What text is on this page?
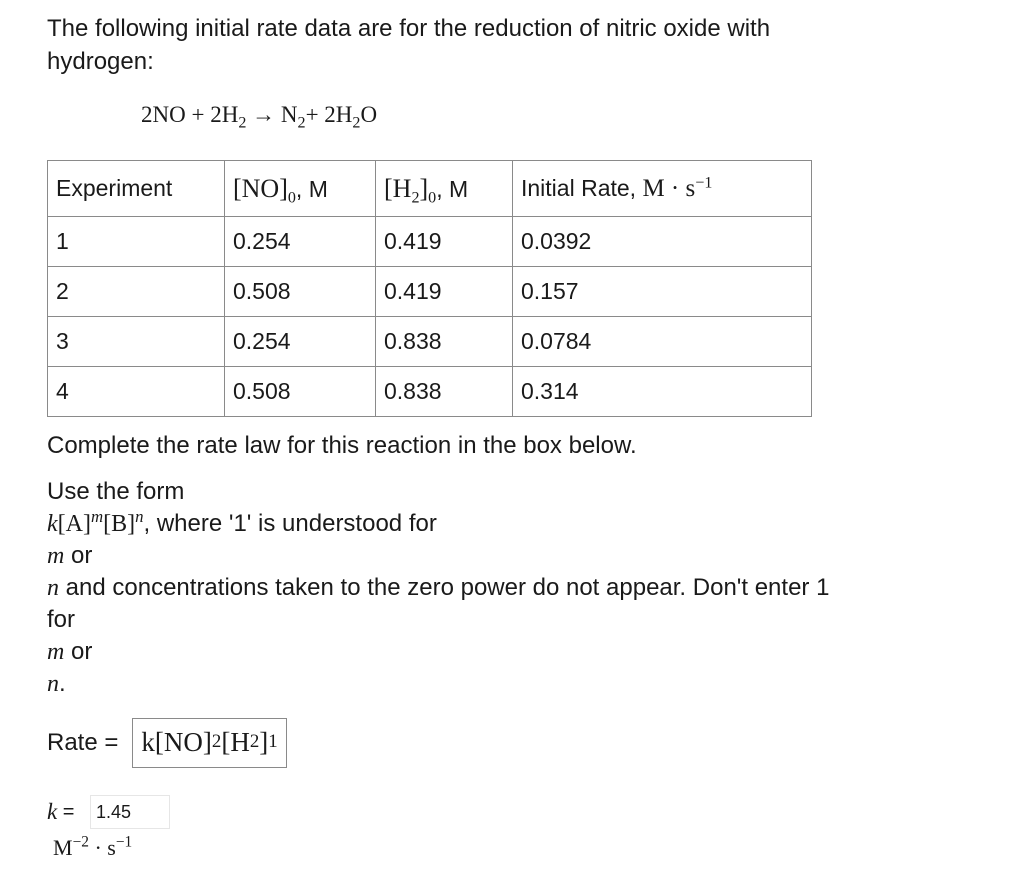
The following initial rate data are for the reduction of nitric oxide with
hydrogen:
$2NO + 2H_2 \to N_2+ 2H_2O$
Experiment	$[NO]_0$, M	$[H_2]_0$, M	Initial Rate, $M \cdot s^{-1}$
1	0.254	0.419	0.0392
2	0.508	0.419	0.157
3	0.254	0.838	0.0784
4	0.508	0.838	0.314

Complete the rate law for this reaction in the box below.

Use the form

$k[A]^m[B]^n$, where '1' is understood for

m or

n and concentrations taken to the zero power do not appear. Don't enter 1

for

m or

n.

Rate = k[NO] 2 [H 2 ] 1
k =
1.45
$M^{-2} \cdot s^{-1}$
